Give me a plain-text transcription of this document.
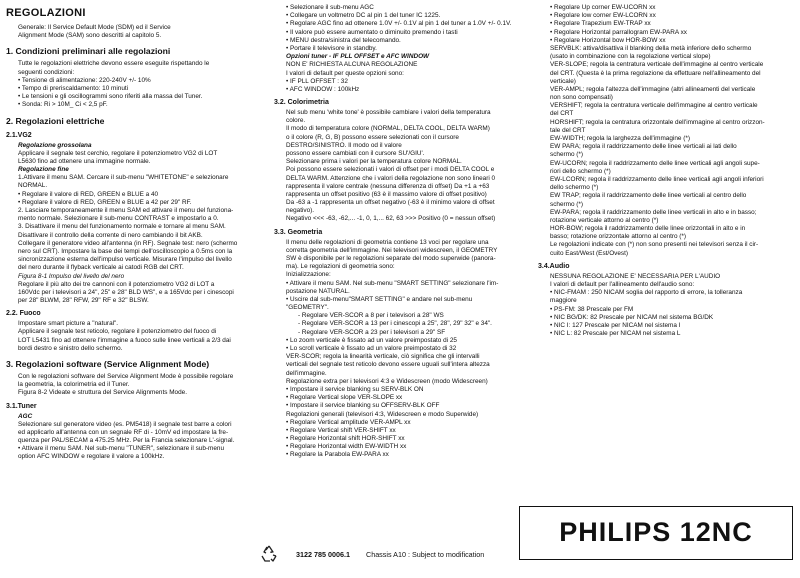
REGOLAZIONI
Generale: Il Service Default Mode (SDM) ed il Service
Alignment Mode (SAM) sono descritti al capitolo 5.
1. Condizioni preliminari alle regolazioni
Tutte le regolazioni elettriche devono essere eseguite rispettando le
seguenti condizioni:
• Tensione di alimentazione: 220-240V +/- 10%
• Tempo di preriscaldamento: 10 minuti
• Le tensioni e gli oscillogrammi sono riferiti alla massa del Tuner.
• Sonda: Ri > 10M_ Ci < 2,5 pF.
2. Regolazioni elettriche
2.1.VG2
Regolazione grossolana
Applicare il segnale test cerchio, regolare il potenziometro VG2 di LOT
L5630 fino ad ottenere una immagine normale.
Regolazione fine
1.Attivare il menu SAM. Cercare il sub-menu "WHITETONE" e selezionare
NORMAL.
• Regolare il valore di RED, GREEN e BLUE a 40
• Regolare il valore di RED, GREEN e BLUE a 42 per 29" RF.
2. Lasciare temporaneamente il menu SAM ed attivare il menu del funziona-
mento normale. Selezionare il sub-menu CONTRAST e impostarlo a 0.
3. Disattivare il menu del funzionamento normale e tornare al menu SAM.
Disattivare il controllo della corrente di nero cambiando il bit AKB.
Collegare il generatore video all'antenna (in RF). Segnale test: nero (schermo
nero sul CRT). Impostare la base dei tempi dell'oscilloscopio a 0.5ms con la
sincronizzazione esterna dell'impulso verticale. Misurare l'impulso del livello
del nero durante il flyback verticale ai catodi RGB del CRT.
Figura 8-1 Impulso del livello del nero
Regolare il più alto dei tre cannoni con il potenziometro VG2 di LOT a
160Vdc per i televisori a 24", 25" e 28" BLD WS", e a 165Vdc per i cinescopi
per 28" BLWM, 28" RFW, 29" RF e 32" BLSW.
2.2. Fuoco
Impostare smart picture a "natural".
Applicare il segnale test reticolo, regolare il potenziometro del fuoco di
LOT L5431 fino ad ottenere l'immagine a fuoco sulle linee verticali a 2/3 dai
bordi destro e sinistro dello schermo.
3. Regolazioni software (Service Alignment Mode)
Con le regolazioni software del Service Alignment Mode è possibile regolare
la geometria, la colorimetria ed il Tuner.
Figura 8-2 Videate e struttura del Service Alignments Mode.
3.1.Tuner
AGC
Selezionare sul generatore video (es. PM5418) il segnale test barre a colori
ed applicarlo all'antenna con un segnale RF di - 10mV ed impostare la fre-
quenza per PAL/SECAM a 475.25 MHz. Per la Francia selezionare L'-signal.
• Attivare il menu SAM. Nel sub-menu "TUNER", selezionare il sub-menu
option AFC WINDOW e regolare il valore a 100kHz.
• Selezionare il sub-menu AGC
• Collegare un voltmetro DC al pin 1 del tuner IC 1225.
• Regolare AGC fino ad ottenere 1.0V +/- 0.1V al pin 1 del tuner a 1.0V +/- 0.1V.
• Il valore può essere aumentato o diminuito premendo i tasti
• MENU destra/sinistra del telecomando.
• Portare il televisore in standby.
Opzioni tuner - IF PLL OFFSET e AFC WINDOW
NON E' RICHIESTA ALCUNA REGOLAZIONE
I valori di default per queste opzioni sono:
• IF PLL OFFSET : 32
• AFC WINDOW : 100kHz
3.2. Colorimetria
Nel sub menu 'white tone' è possibile cambiare i valori della temperatura
colore.
Il modo di temperatura colore (NORMAL, DELTA COOL, DELTA WARM)
o il colore (R, G, B) possono essere selezionati con il cursore
DESTRO/SINISTRO. Il modo od il valore
possono essere cambiati con il cursore SU'/GIU'.
Selezionare prima i valori per la temperatura colore NORMAL.
Poi possono essere selezionati i valori di offset per i modi DELTA COOL e
DELTA WARM. Attenzione che i valori della regolazione non sono lineari 0
rappresenta il valore centrale (nessuna differenza di offset) Da +1 a +63
rappresenta un offset positivo (63 è il massimo valore di offset positivo)
Da -63 a -1 rappresenta un offset negativo (-63 è il minimo valore di offset
negativo).
Negativo <<< -63, -62,... -1, 0, 1,... 62, 63 >>> Positivo (0 = nessun offset)
3.3. Geometria
Il menu delle regolazioni di geometria contiene 13 voci per regolare una
corretta geometria dell'immagine. Nei televisori widescreen, il GEOMETRY
SW è disponibile per le regolazioni separate del modo superwide (panora-
ma). Le regolazioni di geometria sono:
Inizializzazione:
• Attivare il menu SAM. Nel sub-menu "SMART SETTING" selezionare l'im-
postazione NATURAL.
• Uscire dal sub-menu"SMART SETTING" e andare nel sub-menu
"GEOMETRY".
- Regolare VER-SCOR a 8 per i televisori a 28" WS
- Regolare VER-SCOR a 13 per i cinescopi a 25", 28", 29" 32" e 34".
- Regolare VER-SCOR a 23 per i televisori a 29" SF
• Lo zoom verticale è fissato ad un valore preimpostato di 25
• Lo scroll verticale è fissato ad un valore preimpostato di 32
VER-SCOR; regola la linearità verticale, ciò significa che gli intervalli
verticali del segnale test reticolo devono essere uguali sull'intera altezza
dell'immagine.
Regolazione extra per i televisori 4:3 e Widescreen (modo Widescreen)
• Impostare il service blanking su SERV-BLK ON
• Regolare Vertical slope VER-SLOPE xx
• Impostare il service blanking su OFFSERV-BLK OFF
Regolazioni generali (televisori 4:3, Widescreen e modo Superwide)
• Regolare Vertical amplitude VER-AMPL xx
• Regolare Vertical shift VER-SHIFT xx
• Regolare Horizontal shift HOR-SHIFT xx
• Regolare Horizontal width EW-WIDTH xx
• Regolare la Parabola EW-PARA xx
• Regolare Up corner EW-UCORN xx
• Regolare low corner EW-LCORN xx
• Regolare Trapezium EW-TRAP xx
• Regolare Horizontal parrallogram EW-PARA xx
• Regolare Horizontal bow HOR-BOW xx
SERVBLK: attiva/disattiva il blanking della metà inferiore dello schermo
(usato in combinazione con la regolazione vertical slope)
VER-SLOPE; regola la centratura verticale dell'immagine al centro verticale
del CRT. (Questa è la prima regolazione da effettuare nell'allineamento del
verticale)
VER-AMPL; regola l'altezza dell'immagine (altri allineamenti del verticale
non sono compensati)
VERSHIFT; regola la centratura verticale dell'immagine al centro verticale
del CRT
HORSHIFT; regola la centratura orizzontale dell'immagine al centro orizzon-
tale del CRT
EW-WIDTH; regola la larghezza dell'immagine (*)
EW PARA; regola il raddrizzamento delle linee verticali ai lati dello
schermo (*)
EW-UCORN; regola il raddrizzamento delle linee verticali agli angoli supe-
riori dello schermo (*)
EW-LCORN; regola il raddrizzamento delle linee verticali agli angoli inferiori
dello schermo (*)
EW TRAP; regola il raddrizzamento delle linee verticali al centro dello
schermo (*)
EW-PARA; regola il raddrizzamento delle linee verticali in alto e in basso;
rotazione verticale attorno al centro (*)
HOR-BOW; regola il raddrizzamento delle linee orizzontali in alto e in
basso; rotazione orizzontale attorno al centro (*)
Le regolazioni indicate con (*) non sono presenti nei televisori senza il cir-
cuito East/West (Est/Ovest)
3.4.Audio
NESSUNA REGOLAZIONE E' NECESSARIA PER L'AUDIO
I valori di default per l'allineamento dell'audio sono:
• NIC-FMAM : 250 NICAM soglia del rapporto di errore, la tolleranza
maggiore
• PS-FM: 38 Prescale per FM
• NIC BG/DK: 82 Prescale per NICAM nel sistema BG/DK
• NIC I: 127 Prescale per NICAM nel sistema I
• NIC L: 82 Prescale per NICAM nel sistema L
PHILIPS 12NC
3122 785 0006.1 Chassis A10 : Subject to modification
